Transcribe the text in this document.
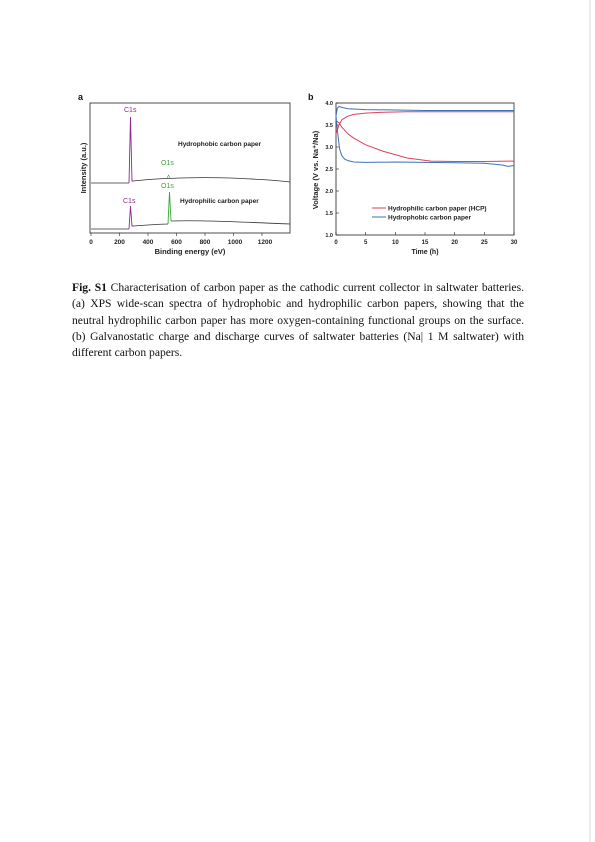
a
Intensity (a.u.)
Binding energy (eV)
0	200	400	600	800	1000 1200
C1s
O1s
O1s
C1s
Hydrophobic carbon paper
Hydrophilic carbon paper
b
Voltage (V vs. Na⁺/Na)
Time (h)
0	5	10	15	20	25	30
1.0
1.5
2.0
2.5
3.0
3.5
4.0
Hydrophilic carbon paper (HCP)
Hydrophobic carbon paper

Fig. S1 Characterisation of carbon paper as the cathodic current collector in saltwater batteries.
(a) XPS wide-scan spectra of hydrophobic and hydrophilic carbon papers, showing that the
neutral hydrophilic carbon paper has more oxygen-containing functional groups on the surface.
(b) Galvanostatic charge and discharge curves of saltwater batteries (Na| 1 M saltwater) with
different carbon papers.
